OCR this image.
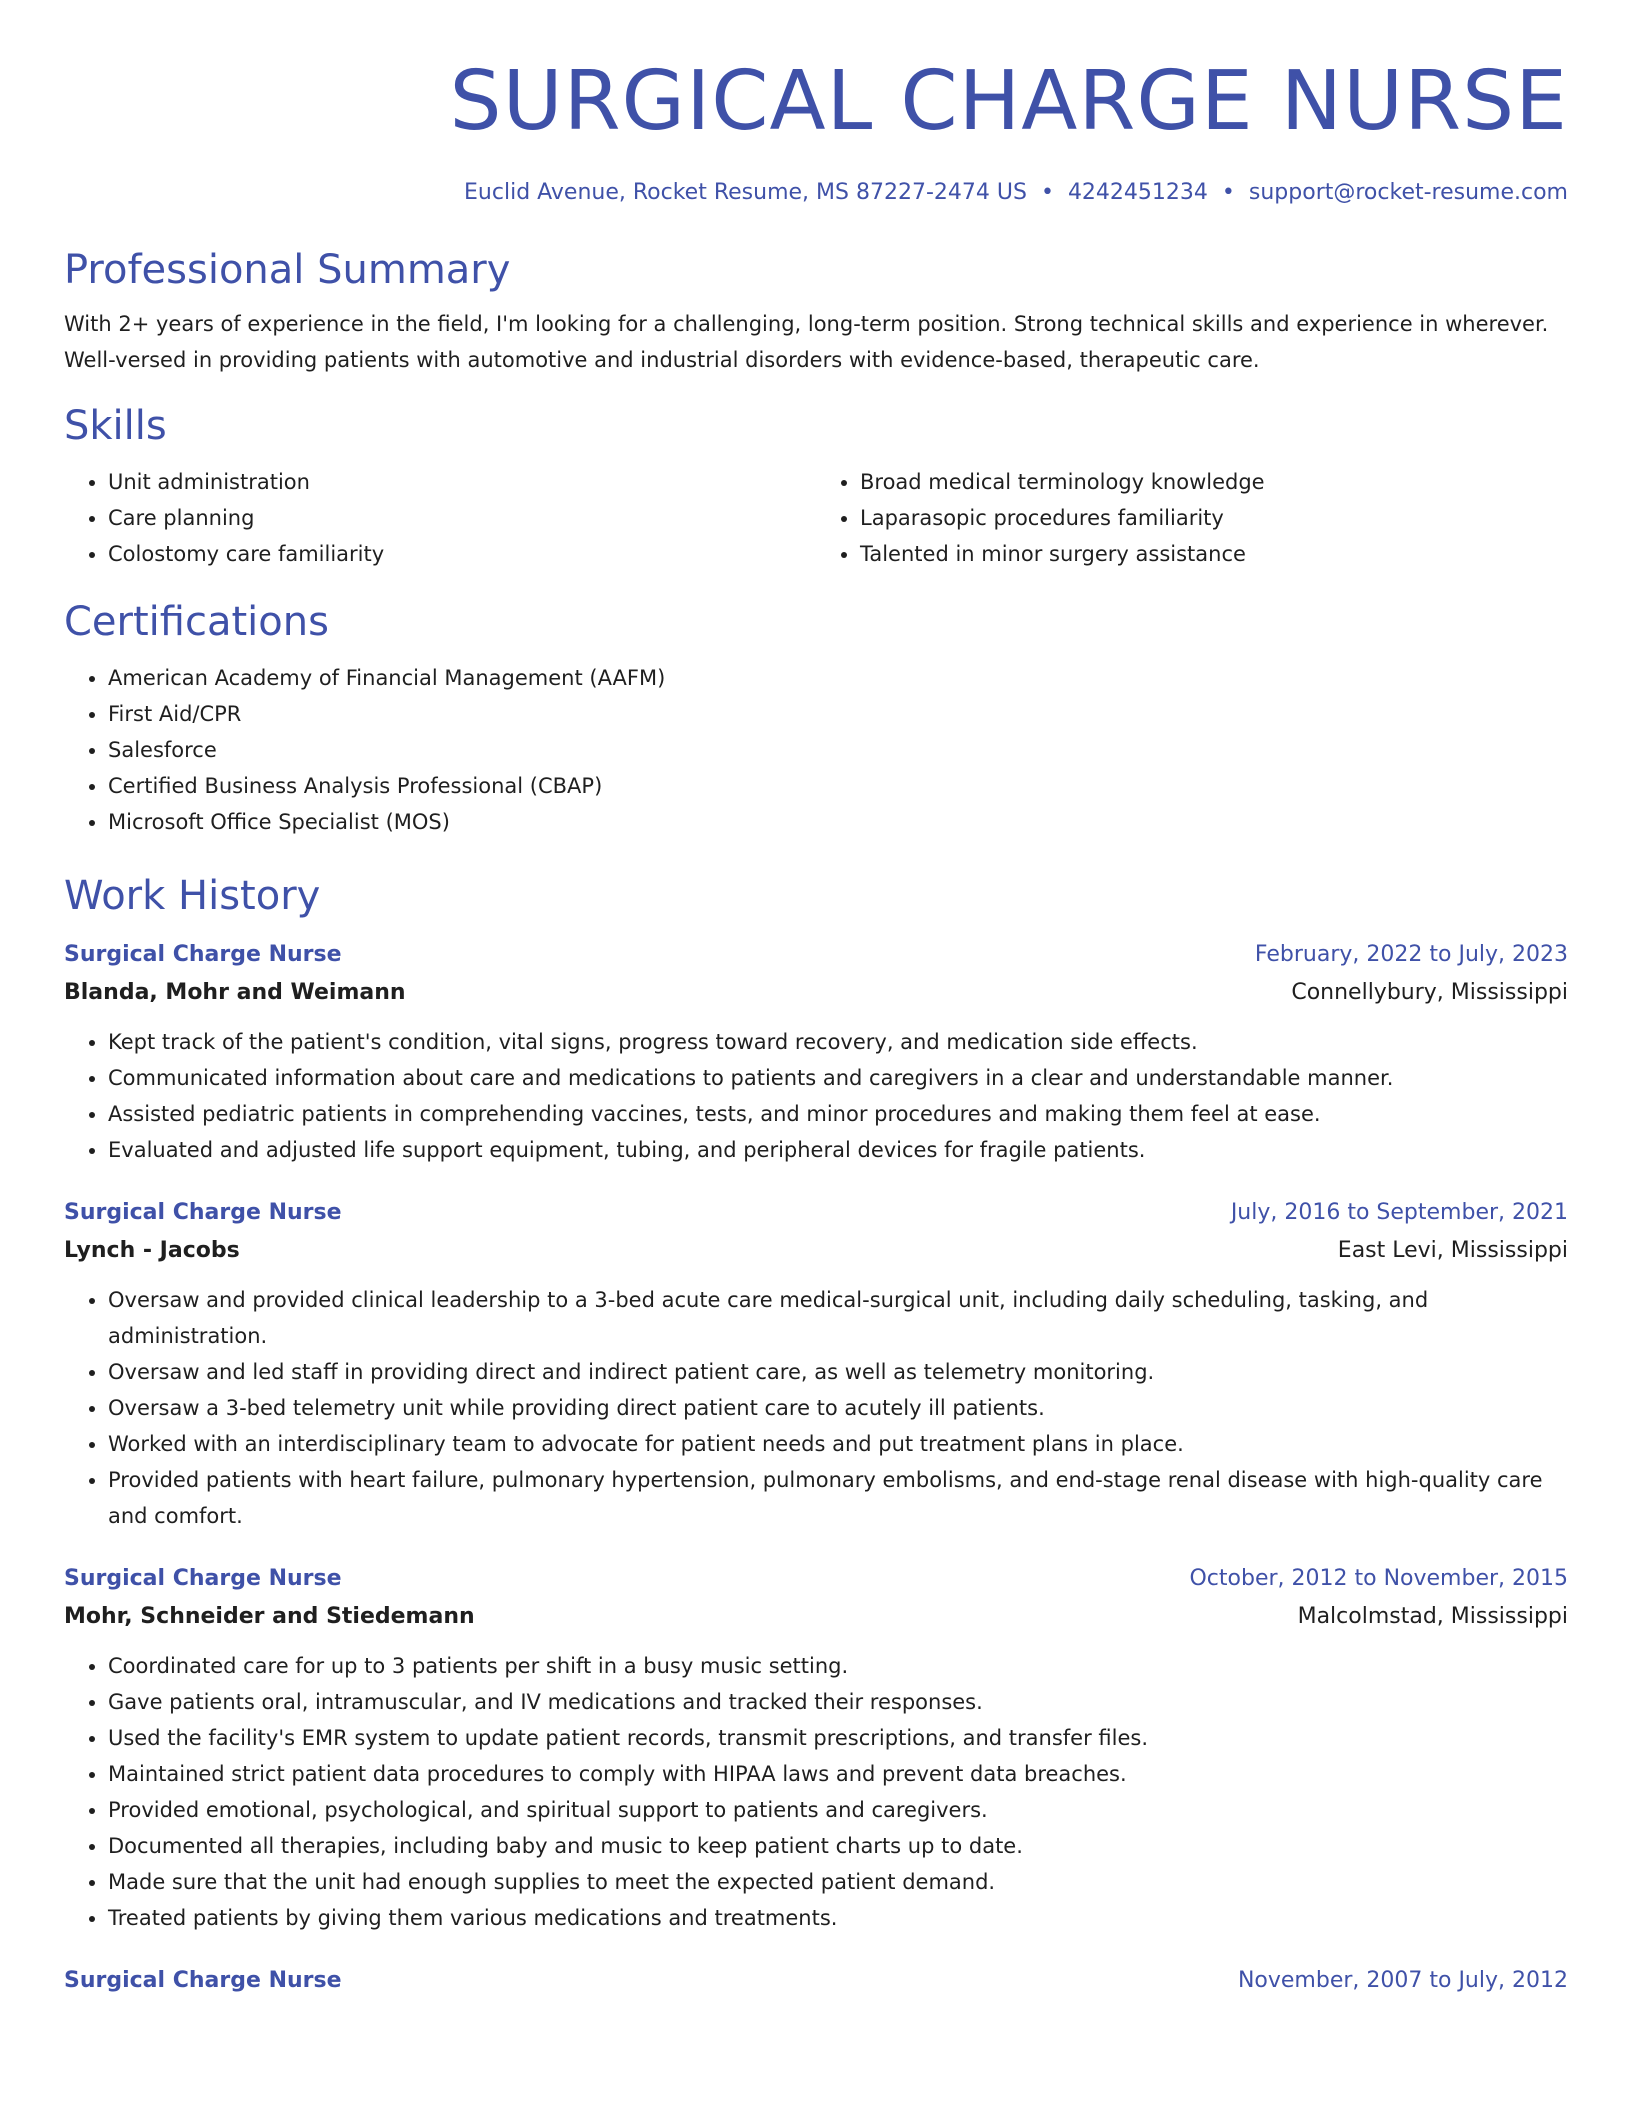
SURGICAL CHARGE NURSE
Euclid Avenue, Rocket Resume, MS 87227-2474 US • 4242451234 • support@rocket-resume.com
Professional Summary

With 2+ years of experience in the field, I'm looking for a challenging, long-term position. Strong technical skills and experience in wherever. Well-versed in providing patients with automotive and industrial disorders with evidence-based, therapeutic care.

Skills
• Unit administration
• Care planning
• Colostomy care familiarity
• Broad medical terminology knowledge
• Laparasopic procedures familiarity
• Talented in minor surgery assistance
Certifications
• American Academy of Financial Management (AAFM)
• First Aid/CPR
• Salesforce
• Certified Business Analysis Professional (CBAP)
• Microsoft Office Specialist (MOS)
Work History
Surgical Charge Nurse	February, 2022 to July, 2023
Blanda, Mohr and Weimann	Connellybury, Mississippi
• Kept track of the patient's condition, vital signs, progress toward recovery, and medication side effects.
• Communicated information about care and medications to patients and caregivers in a clear and understandable manner.
• Assisted pediatric patients in comprehending vaccines, tests, and minor procedures and making them feel at ease.
• Evaluated and adjusted life support equipment, tubing, and peripheral devices for fragile patients.
Surgical Charge Nurse	July, 2016 to September, 2021
Lynch - Jacobs	East Levi, Mississippi
• Oversaw and provided clinical leadership to a 3-bed acute care medical-surgical unit, including daily scheduling, tasking, and administration.
• Oversaw and led staff in providing direct and indirect patient care, as well as telemetry monitoring.
• Oversaw a 3-bed telemetry unit while providing direct patient care to acutely ill patients.
• Worked with an interdisciplinary team to advocate for patient needs and put treatment plans in place.
• Provided patients with heart failure, pulmonary hypertension, pulmonary embolisms, and end-stage renal disease with high-quality care and comfort.
Surgical Charge Nurse	October, 2012 to November, 2015
Mohr, Schneider and Stiedemann	Malcolmstad, Mississippi
• Coordinated care for up to 3 patients per shift in a busy music setting.
• Gave patients oral, intramuscular, and IV medications and tracked their responses.
• Used the facility's EMR system to update patient records, transmit prescriptions, and transfer files.
• Maintained strict patient data procedures to comply with HIPAA laws and prevent data breaches.
• Provided emotional, psychological, and spiritual support to patients and caregivers.
• Documented all therapies, including baby and music to keep patient charts up to date.
• Made sure that the unit had enough supplies to meet the expected patient demand.
• Treated patients by giving them various medications and treatments.
Surgical Charge Nurse	November, 2007 to July, 2012
